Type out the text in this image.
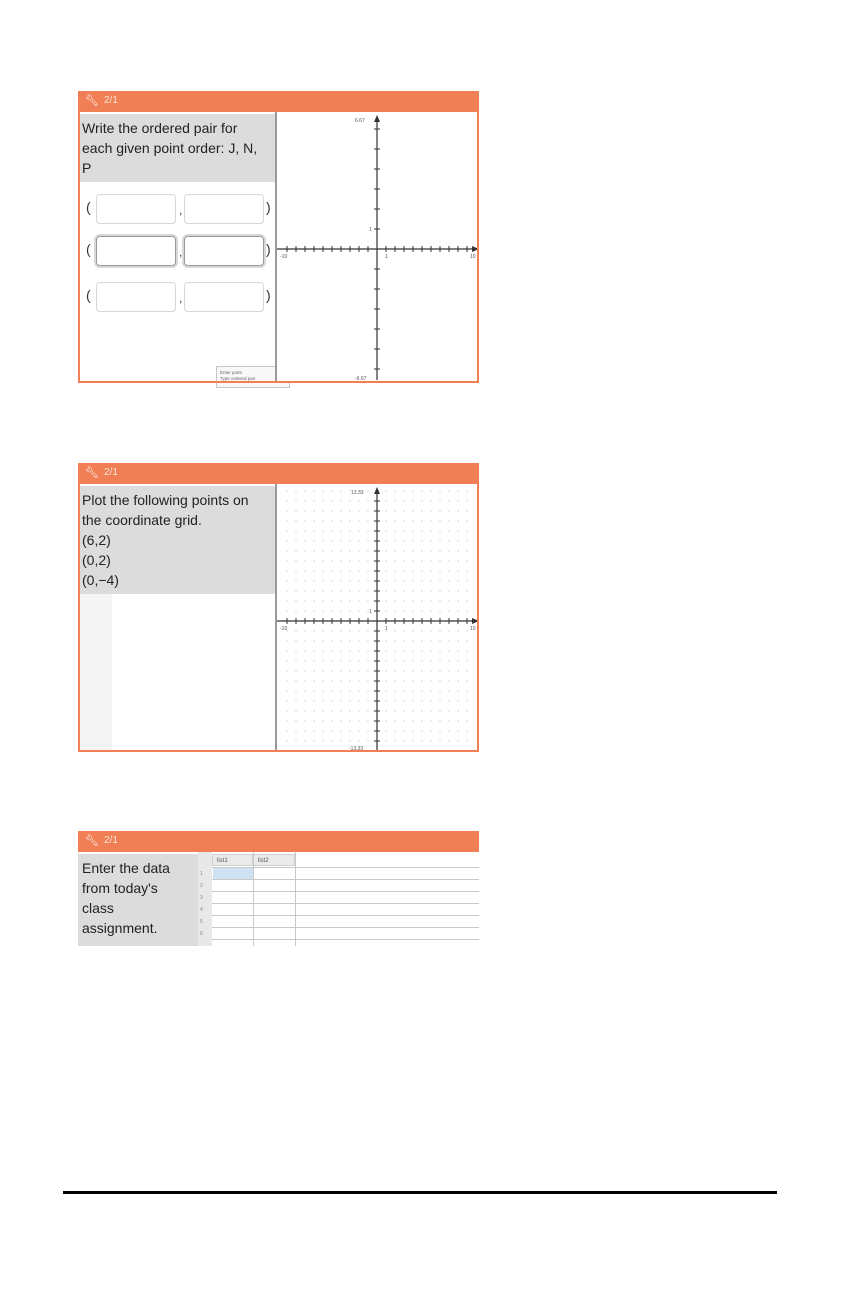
🔧︎ 2/1
Write the ordered pair for
each given point order: J, N,
P
(	,	)
(	,	)
(	,	)
Enter point
Type ordered pair
6.67
-6.67
-10	10
1
1
🔧︎ 2/1
Plot the following points on
the coordinate grid.
(6,2)
(0,2)
(0,−4)
13.33
-13.33
-10	10
1
1
🔧︎ 2/1
Enter the data
from today's
class
assignment.
list1	list2
1
2
3
4
5
6
